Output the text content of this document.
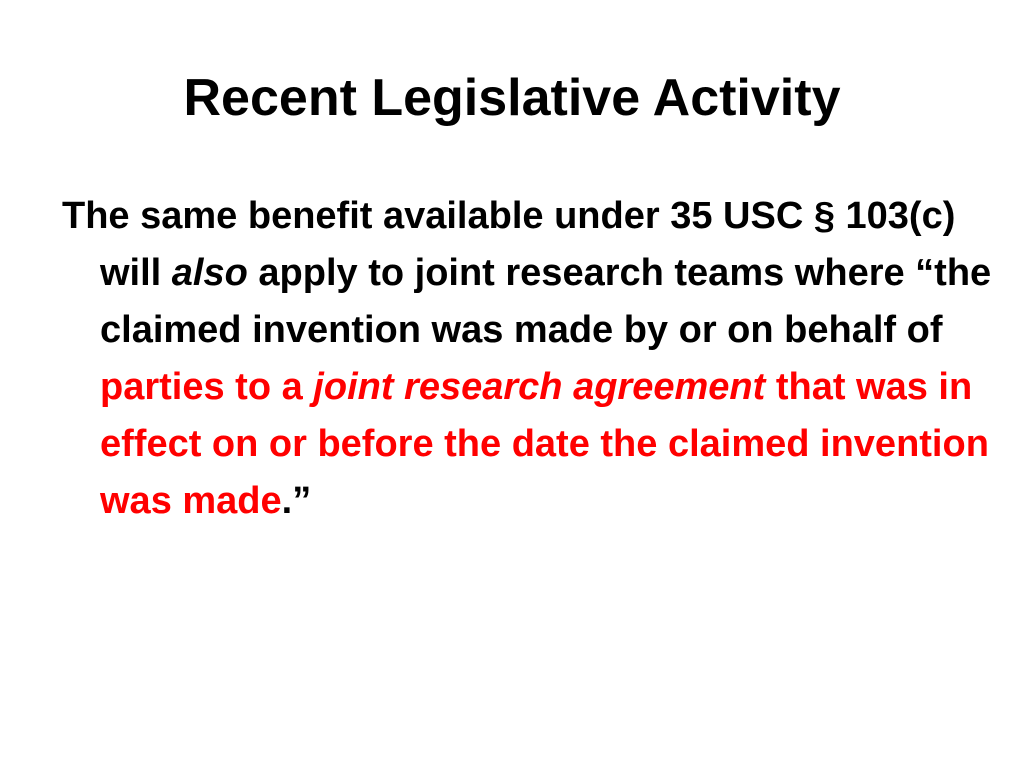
Recent Legislative Activity

The same benefit available under 35 USC § 103(c) will also apply to joint research teams where “the claimed invention was made by or on behalf of parties to a joint research agreement that was in effect on or before the date the claimed invention was made.”
